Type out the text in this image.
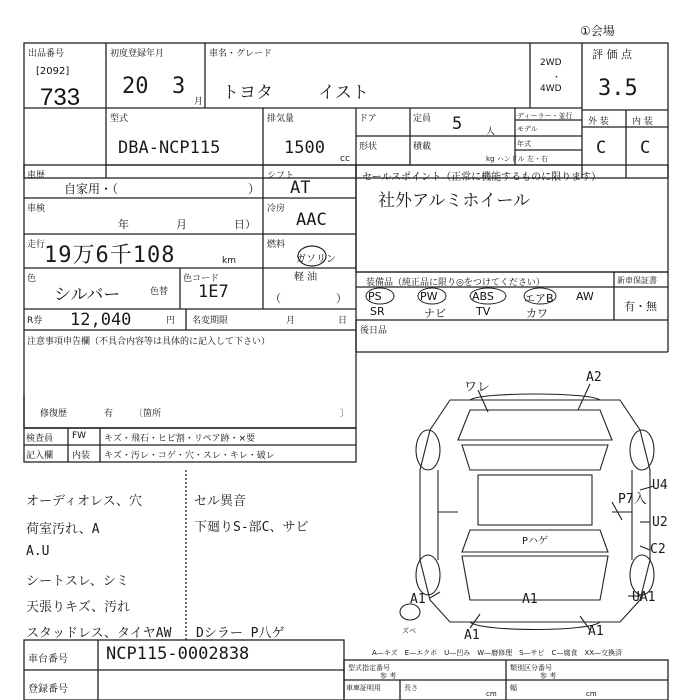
①会場
出品番号
[2092]
733
初度登録年月
20 3
月
車名・グレード
トヨタ	イスト
2WD
・
4WD
評 価 点
3.5
外 装	内 装
C C
型式
DBA-NCP115
排気量
1500
cc
ドア	定員 5	人
形状	積載
ディーラー・並行
モデル
年式
kg ハンドル 左・右
車歴
自家用・（	）
シフト
AT
車検
年	月	日）
冷房
AAC
走行
19万6千108	km
燃料
ガソリン
軽 油
（	）
色
シルバー	色替
色コード
1E7
R券 12,040	円 名変期限	月	日
注意事項申告欄（不具合内容等は具体的に記入して下さい）
修復歴	有 〔箇所	〕
検査員 FW キズ・飛石・ヒビ割・リペア跡・×要
記入欄 内装 キズ・汚レ・コゲ・穴・スレ・キレ・破レ
セールスポイント（正常に機能するものに限ります）
社外アルミホイール
装備品（純正品に限り◎をつけてください）	新車保証書
有・無
PS	PW	ABS	エアB AW
SR	ナビ	TV	カワ
後日品
ワレ
A2
P7入
U4
U2
C2
Pハゲ
A1	A1
A1	A1
UA1
ズベ
オーディオレス、穴
荷室汚れ、A
A.U
シートスレ、シミ
天張りキズ、汚れ
スタッドレス、タイヤAW
セル異音
下廻りS-部C、サビ
Dシラー P八ゲ
車台番号 NCP115-0002838
登録番号
A—キズ　E—エクボ　U—凹み　W—磨修理　S—サビ　C—腐食　XX—交換済
型式指定番号
参 考
類別区分番号
参 考
車庫証明用	長さ
cm
幅
cm
